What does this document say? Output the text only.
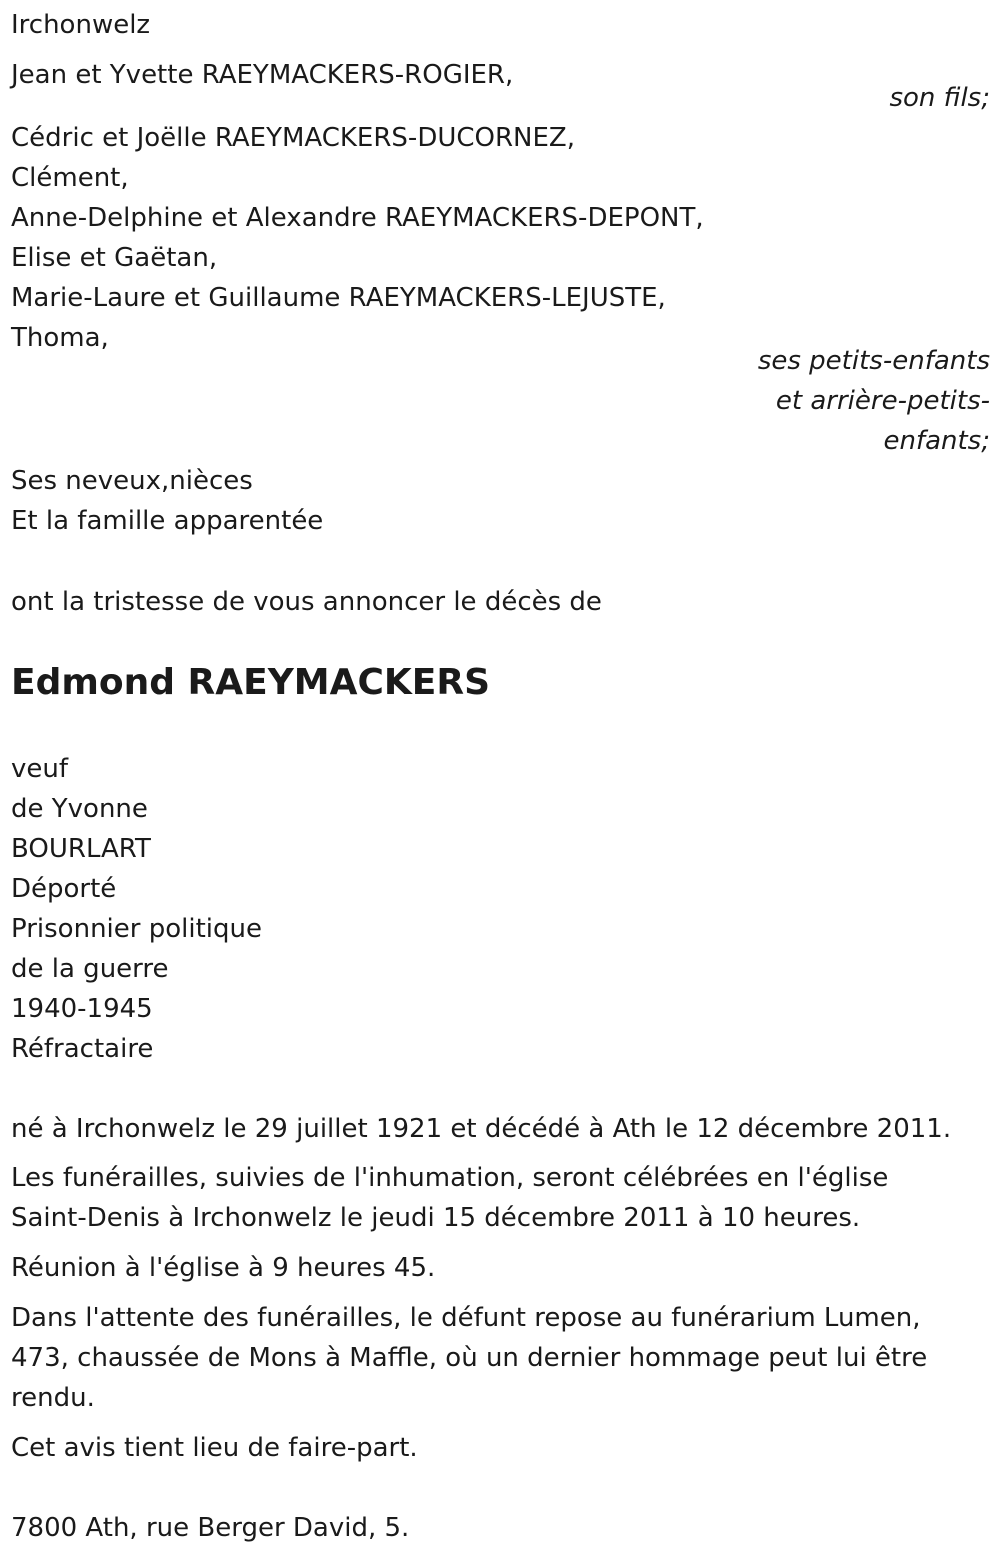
Irchonwelz
Jean et Yvette RAEYMACKERS-ROGIER,
son fils;
Cédric et Joëlle RAEYMACKERS-DUCORNEZ,
Clément,
Anne-Delphine et Alexandre RAEYMACKERS-DEPONT,
Elise et Gaëtan,
Marie-Laure et Guillaume RAEYMACKERS-LEJUSTE,
Thoma,
ses petits-enfants
et arrière-petits-
enfants;
Ses neveux,nièces
Et la famille apparentée
ont la tristesse de vous annoncer le décès de
Edmond RAEYMACKERS
veuf
de Yvonne
BOURLART
Déporté
Prisonnier politique
de la guerre
1940-1945
Réfractaire
né à Irchonwelz le 29 juillet 1921 et décédé à Ath le 12 décembre 2011.
Les funérailles, suivies de l'inhumation, seront célébrées en l'église Saint-Denis à Irchonwelz le jeudi 15 décembre 2011 à 10 heures.
Réunion à l'église à 9 heures 45.
Dans l'attente des funérailles, le défunt repose au funérarium Lumen, 473, chaussée de Mons à Maffle, où un dernier hommage peut lui être rendu.
Cet avis tient lieu de faire-part.
7800 Ath, rue Berger David, 5.
